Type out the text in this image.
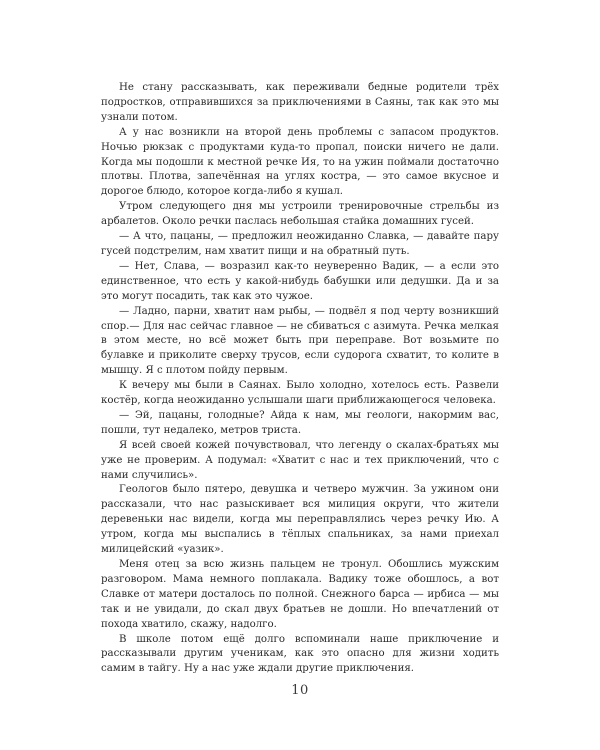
Не стану рассказывать, как переживали бедные родители трёх подростков, отправившихся за приключениями в Саяны, так как это мы узнали потом.

А у нас возникли на второй день проблемы с запасом продуктов. Ночью рюкзак с продуктами куда-то пропал, поиски ничего не дали. Когда мы подошли к местной речке Ия, то на ужин поймали достаточно плотвы. Плотва, запечённая на углях костра, — это самое вкусное и дорогое блюдо, которое когда-либо я кушал.

Утром следующего дня мы устроили тренировочные стрельбы из арбалетов. Около речки паслась небольшая стайка домашних гусей.

— А что, пацаны, — предложил неожиданно Славка, — давайте пару гусей подстрелим, нам хватит пищи и на обратный путь.

— Нет, Слава, — возразил как-то неуверенно Вадик, — а если это единственное, что есть у какой-нибудь бабушки или дедушки. Да и за это могут посадить, так как это чужое.

— Ладно, парни, хватит нам рыбы, — подвёл я под черту возникший спор.— Для нас сейчас главное — не сбиваться с азимута. Речка мелкая в этом месте, но всё может быть при переправе. Вот возьмите по булавке и приколите сверху трусов, если судорога схватит, то колите в мышцу. Я с плотом пойду первым.

К вечеру мы были в Саянах. Было холодно, хотелось есть. Развели костёр, когда неожиданно услышали шаги приближающегося человека.

— Эй, пацаны, голодные? Айда к нам, мы геологи, накормим вас, пошли, тут недалеко, метров триста.

Я всей своей кожей почувствовал, что легенду о скалах-братьях мы уже не проверим. А подумал: «Хватит с нас и тех приключений, что с нами случились».

Геологов было пятеро, девушка и четверо мужчин. За ужином они рассказали, что нас разыскивает вся милиция округи, что жители деревеньки нас видели, когда мы переправлялись через речку Ию. А утром, когда мы выспались в тёплых спальниках, за нами приехал милицейский «уазик».

Меня отец за всю жизнь пальцем не тронул. Обошлись мужским разговором. Мама немного поплакала. Вадику тоже обошлось, а вот Славке от матери досталось по полной. Снежного барса — ирбиса — мы так и не увидали, до скал двух братьев не дошли. Но впечатлений от похода хватило, скажу, надолго.

В школе потом ещё долго вспоминали наше приключение и рассказывали другим ученикам, как это опасно для жизни ходить самим в тайгу. Ну а нас уже ждали другие приключения.

10
